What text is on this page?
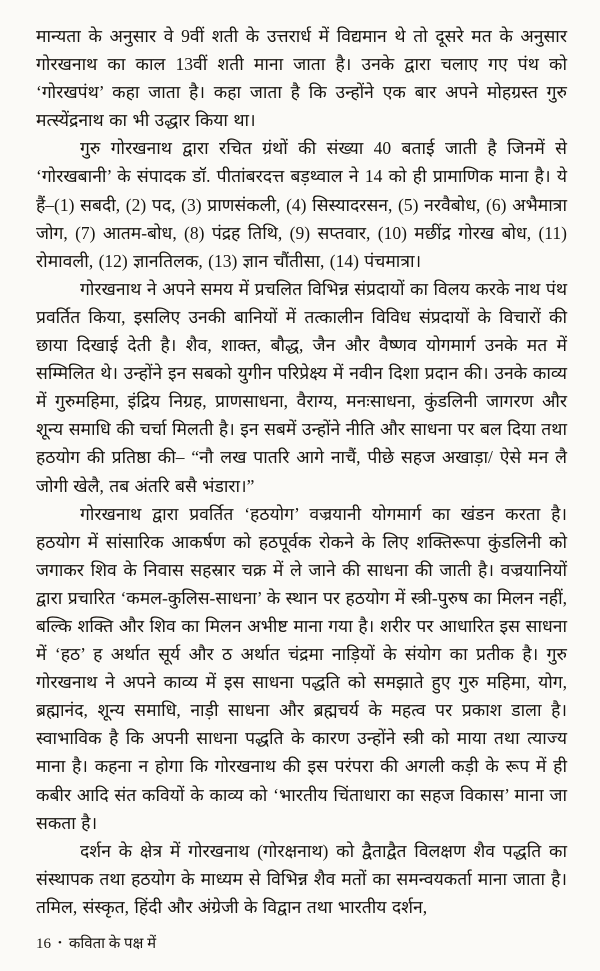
मान्यता के अनुसार वे 9वीं शती के उत्तरार्ध में विद्यमान थे तो दूसरे मत के अनुसार गोरखनाथ का काल 13वीं शती माना जाता है। उनके द्वारा चलाए गए पंथ को ‘गोरखपंथ’ कहा जाता है। कहा जाता है कि उन्होंने एक बार अपने मोहग्रस्त गुरु मत्स्येंद्रनाथ का भी उद्धार किया था।

गुरु गोरखनाथ द्वारा रचित ग्रंथों की संख्या 40 बताई जाती है जिनमें से ‘गोरखबानी’ के संपादक डॉ. पीतांबरदत्त बड़थ्वाल ने 14 को ही प्रामाणिक माना है। ये हैं–(1) सबदी, (2) पद, (3) प्राणसंकली, (4) सिस्यादरसन, (5) नरवैबोध, (6) अभैमात्रा जोग, (7) आतम-बोध, (8) पंद्रह तिथि, (9) सप्तवार, (10) मछींद्र गोरख बोध, (11) रोमावली, (12) ज्ञानतिलक, (13) ज्ञान चौंतीसा, (14) पंचमात्रा।

गोरखनाथ ने अपने समय में प्रचलित विभिन्न संप्रदायों का विलय करके नाथ पंथ प्रवर्तित किया, इसलिए उनकी बानियों में तत्कालीन विविध संप्रदायों के विचारों की छाया दिखाई देती है। शैव, शाक्त, बौद्ध, जैन और वैष्णव योगमार्ग उनके मत में सम्मिलित थे। उन्होंने इन सबको युगीन परिप्रेक्ष्य में नवीन दिशा प्रदान की। उनके काव्य में गुरुमहिमा, इंद्रिय निग्रह, प्राणसाधना, वैराग्य, मनःसाधना, कुंडलिनी जागरण और शून्य समाधि की चर्चा मिलती है। इन सबमें उन्होंने नीति और साधना पर बल दिया तथा हठयोग की प्रतिष्ठा की– “नौ लख पातरि आगे नाचैं, पीछे सहज अखाड़ा/ ऐसे मन लै जोगी खेलै, तब अंतरि बसै भंडारा।”

गोरखनाथ द्वारा प्रवर्तित ‘हठयोग’ वज्रयानी योगमार्ग का खंडन करता है। हठयोग में सांसारिक आकर्षण को हठपूर्वक रोकने के लिए शक्तिरूपा कुंडलिनी को जगाकर शिव के निवास सहस्रार चक्र में ले जाने की साधना की जाती है। वज्रयानियों द्वारा प्रचारित ‘कमल-कुलिस-साधना’ के स्थान पर हठयोग में स्त्री-पुरुष का मिलन नहीं, बल्कि शक्ति और शिव का मिलन अभीष्ट माना गया है। शरीर पर आधारित इस साधना में ‘हठ’ ह अर्थात सूर्य और ठ अर्थात चंद्रमा नाड़ियों के संयोग का प्रतीक है। गुरु गोरखनाथ ने अपने काव्य में इस साधना पद्धति को समझाते हुए गुरु महिमा, योग, ब्रह्मानंद, शून्य समाधि, नाड़ी साधना और ब्रह्मचर्य के महत्व पर प्रकाश डाला है। स्वाभाविक है कि अपनी साधना पद्धति के कारण उन्होंने स्त्री को माया तथा त्याज्य माना है। कहना न होगा कि गोरखनाथ की इस परंपरा की अगली कड़ी के रूप में ही कबीर आदि संत कवियों के काव्य को ‘भारतीय चिंताधारा का सहज विकास’ माना जा सकता है।

दर्शन के क्षेत्र में गोरखनाथ (गोरक्षनाथ) को द्वैताद्वैत विलक्षण शैव पद्धति का संस्थापक तथा हठयोग के माध्यम से विभिन्न शैव मतों का समन्वयकर्ता माना जाता है। तमिल, संस्कृत, हिंदी और अंग्रेजी के विद्वान तथा भारतीय दर्शन,

16 • कविता के पक्ष में
